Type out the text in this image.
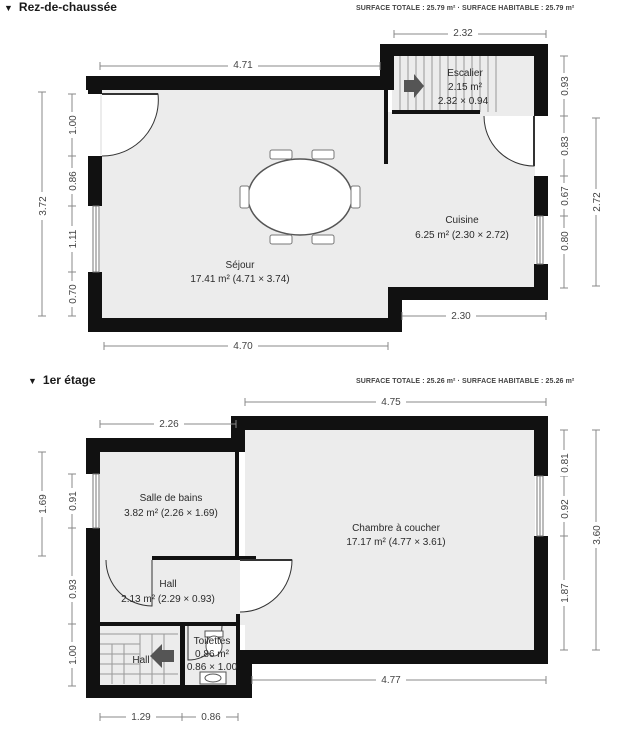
▼ Rez-de-chaussée	SURFACE TOTALE : 25.79 m² · SURFACE HABITABLE : 25.79 m²
▼ 1er étage	SURFACE TOTALE : 25.26 m² · SURFACE HABITABLE : 25.26 m²
Escalier
2.15 m²
2.32 × 0.94
Cuisine
6.25 m² (2.30 × 2.72)
Séjour
17.41 m² (4.71 × 3.74)
4.71
2.32
4.70
2.30
3.72
1.00
0.86
1.11
0.70
0.93
0.83
0.67
0.80
2.72
Salle de bains
3.82 m² (2.26 × 1.69)
Chambre à coucher
17.17 m² (4.77 × 3.61)
Hall
2.13 m² (2.29 × 0.93)
Toilettes
0.86 m²
0.86 × 1.00
Hall
2.26
4.75
4.77
1.29	0.86
1.69 0.91
0.93
1.00
0.81
0.92
1.87
3.60
